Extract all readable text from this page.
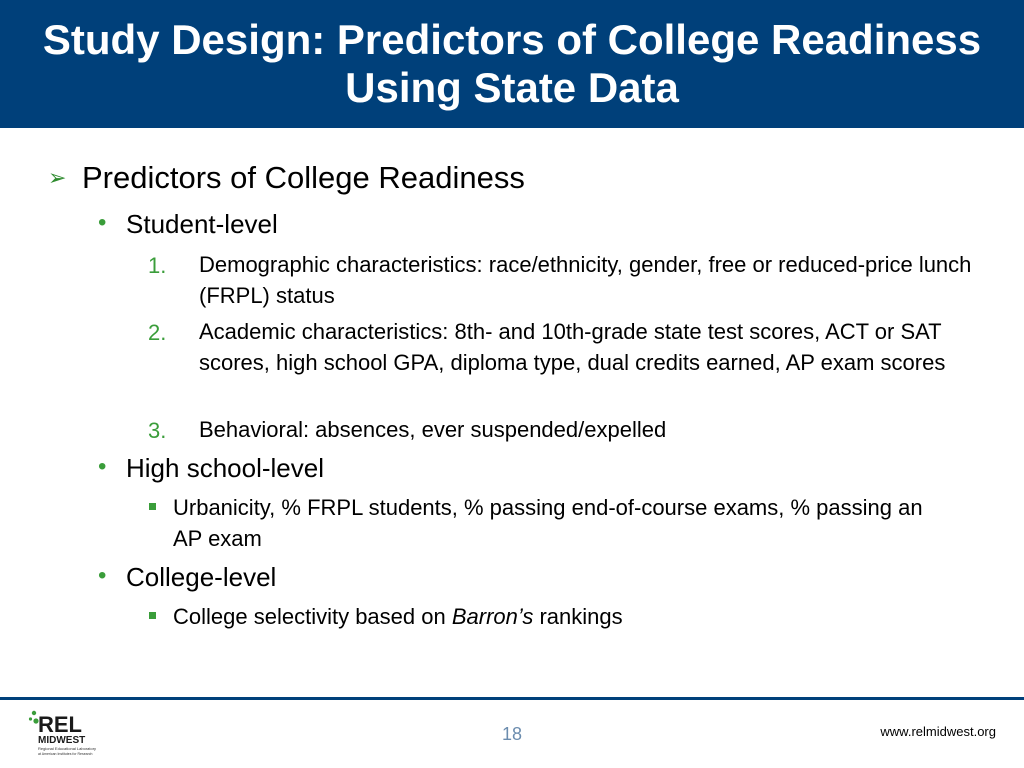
Study Design: Predictors of College Readiness Using State Data
➢ Predictors of College Readiness
• Student-level
1. Demographic characteristics: race/ethnicity, gender, free or reduced-price lunch (FRPL) status
2. Academic characteristics: 8th- and 10th-grade state test scores, ACT or SAT scores, high school GPA, diploma type, dual credits earned, AP exam scores
3. Behavioral: absences, ever suspended/expelled
• High school-level
Urbanicity, % FRPL students, % passing end-of-course exams, % passing an AP exam
• College-level
College selectivity based on Barron’s rankings
REL
MIDWEST
Regional Educational Laboratory
at American Institutes for Research
18	www.relmidwest.org
